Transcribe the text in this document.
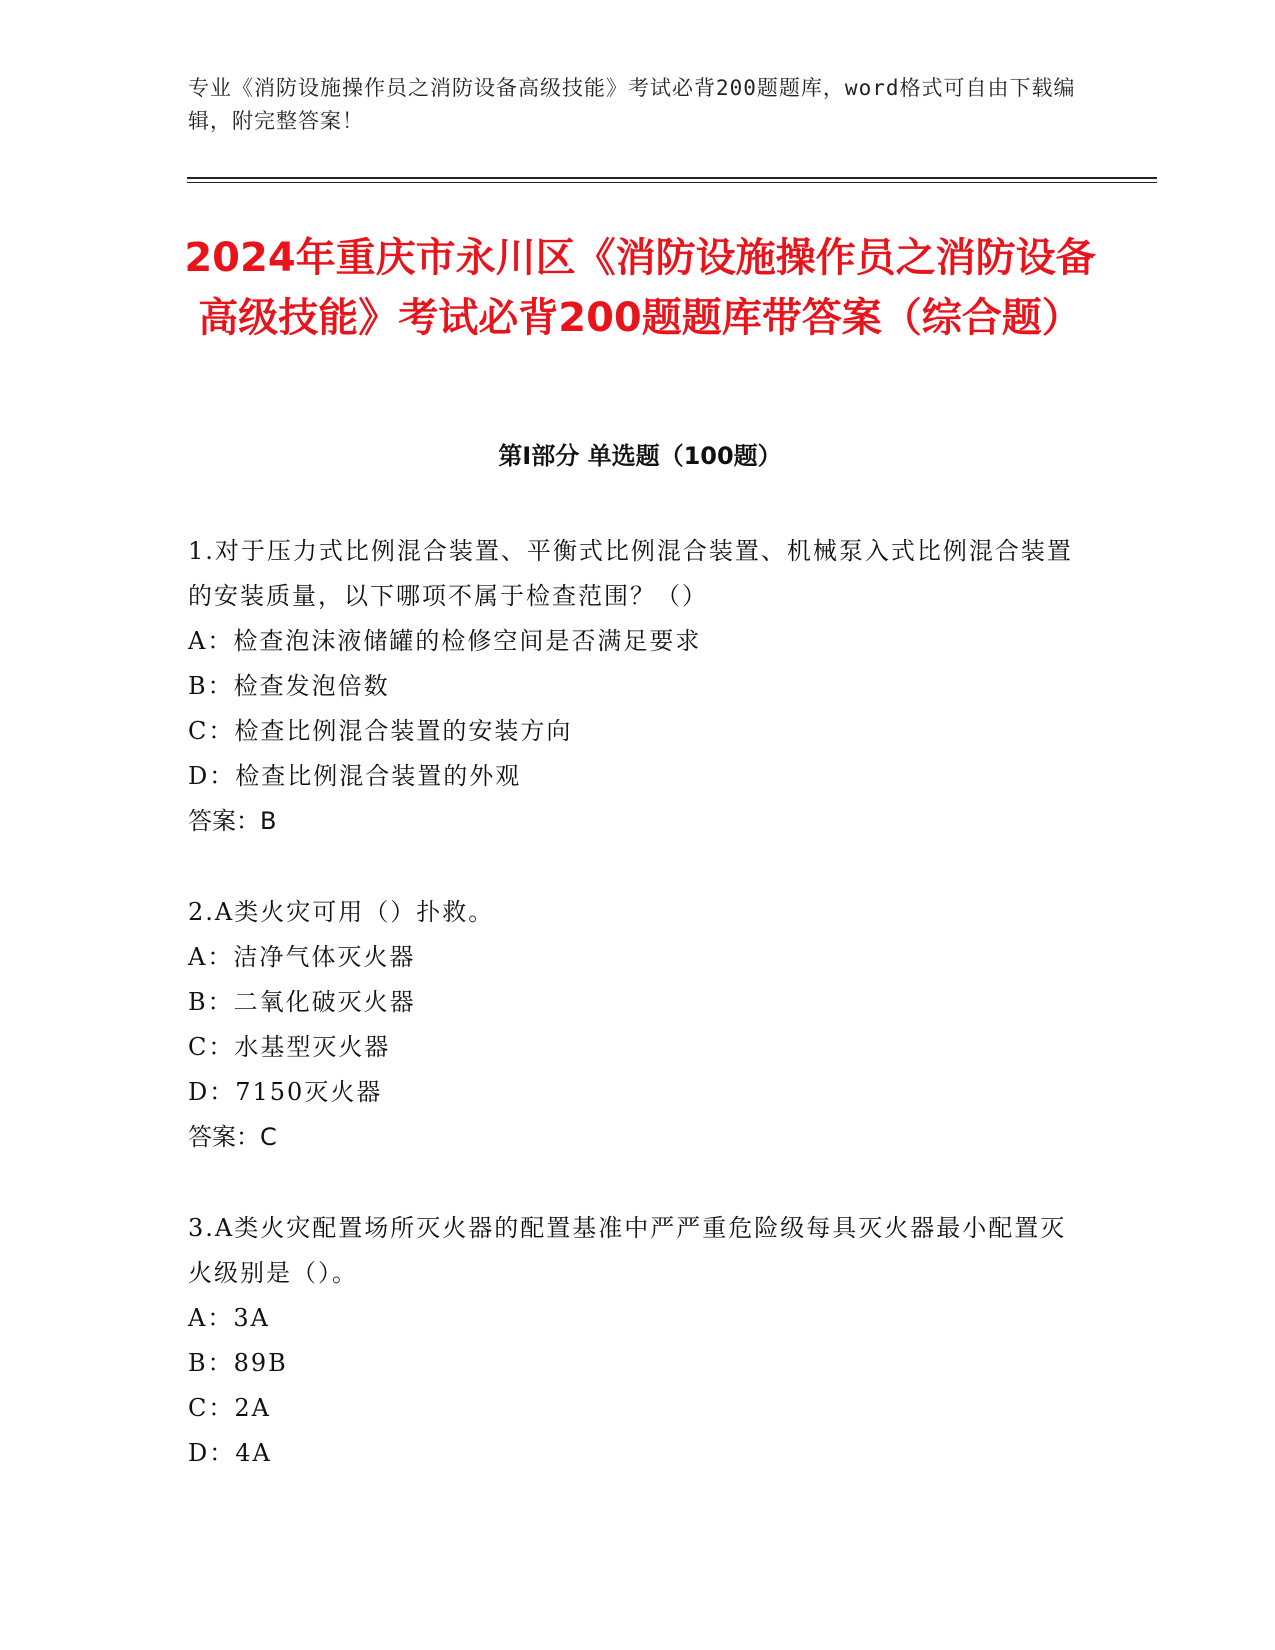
专业《消防设施操作员之消防设备高级技能》考试必背200题题库，word格式可自由下载编辑，附完整答案！
2024年重庆市永川区《消防设施操作员之消防设备高级技能》考试必背200题题库带答案（综合题）
第I部分 单选题（100题）

1.对于压力式比例混合装置、平衡式比例混合装置、机械泵入式比例混合装置的安装质量，以下哪项不属于检查范围？（）

A：检查泡沫液储罐的检修空间是否满足要求

B：检查发泡倍数

C：检查比例混合装置的安装方向

D：检查比例混合装置的外观

答案：B

2.A类火灾可用（）扑救。

A：洁净气体灭火器

B：二氧化破灭火器

C：水基型灭火器

D：7150灭火器

答案：C

3.A类火灾配置场所灭火器的配置基准中严严重危险级每具灭火器最小配置灭火级别是（）。

A：3A

B：89B

C：2A

D：4A
